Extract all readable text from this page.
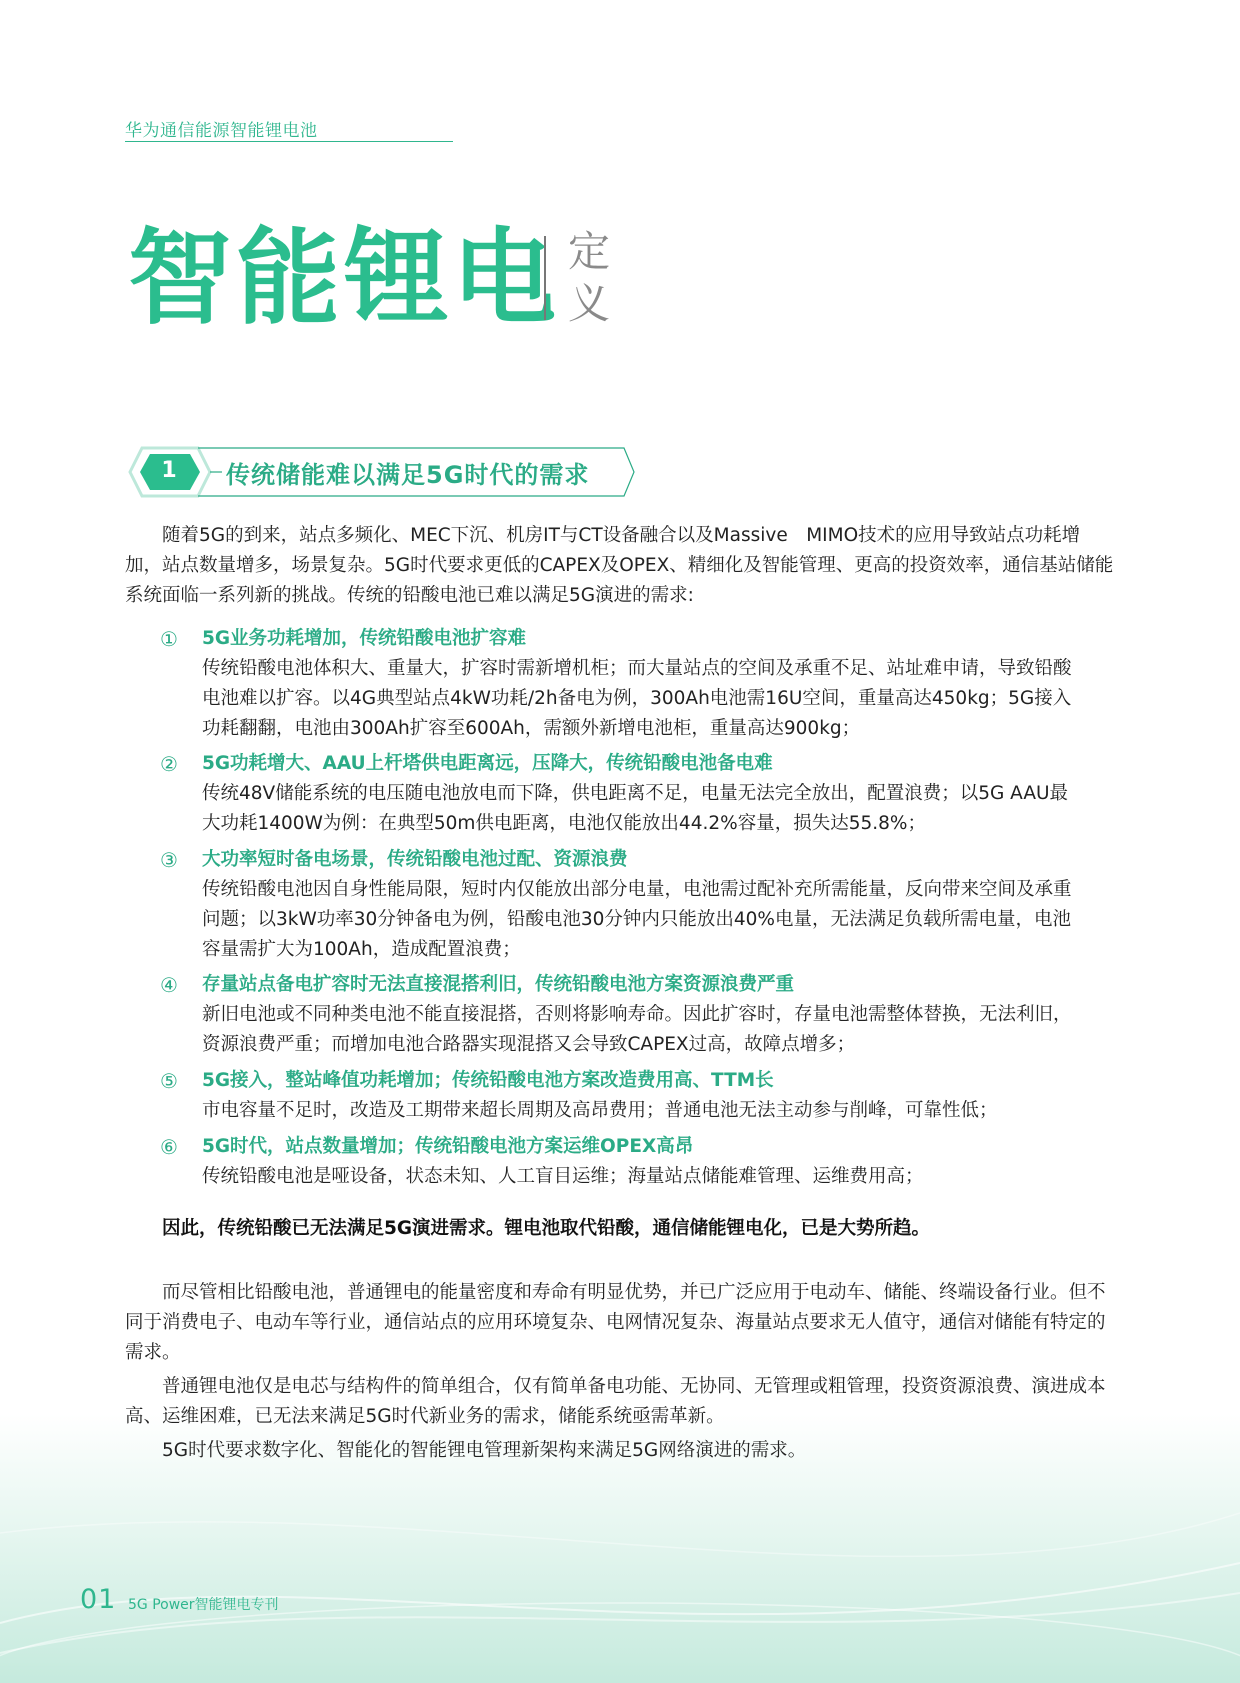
华为通信能源智能锂电池
智能锂电 定
义
1	传统储能难以满足5G时代的需求

随着5G的到来，站点多频化、MEC下沉、机房IT与CT设备融合以及Massive　MIMO技术的应用导致站点功耗增加，站点数量增多，场景复杂。5G时代要求更低的CAPEX及OPEX、精细化及智能管理、更高的投资效率，通信基站储能系统面临一系列新的挑战。传统的铅酸电池已难以满足5G演进的需求:

① 5G业务功耗增加，传统铅酸电池扩容难

传统铅酸电池体积大、重量大，扩容时需新增机柜；而大量站点的空间及承重不足、站址难申请，导致铅酸电池难以扩容。以4G典型站点4kW功耗/2h备电为例，300Ah电池需16U空间，重量高达450kg；5G接入功耗翻翻，电池由300Ah扩容至600Ah，需额外新增电池柜，重量高达900kg；

② 5G功耗增大、AAU上杆塔供电距离远，压降大，传统铅酸电池备电难

传统48V储能系统的电压随电池放电而下降，供电距离不足，电量无法完全放出，配置浪费；以5G AAU最大功耗1400W为例：在典型50m供电距离，电池仅能放出44.2%容量，损失达55.8%；

③ 大功率短时备电场景，传统铅酸电池过配、资源浪费

传统铅酸电池因自身性能局限，短时内仅能放出部分电量，电池需过配补充所需能量，反向带来空间及承重问题；以3kW功率30分钟备电为例，铅酸电池30分钟内只能放出40%电量，无法满足负载所需电量，电池容量需扩大为100Ah，造成配置浪费；

④ 存量站点备电扩容时无法直接混搭利旧，传统铅酸电池方案资源浪费严重

新旧电池或不同种类电池不能直接混搭，否则将影响寿命。因此扩容时，存量电池需整体替换，无法利旧，资源浪费严重；而增加电池合路器实现混搭又会导致CAPEX过高，故障点增多；

⑤ 5G接入，整站峰值功耗增加；传统铅酸电池方案改造费用高、TTM长

市电容量不足时，改造及工期带来超长周期及高昂费用；普通电池无法主动参与削峰，可靠性低；

⑥ 5G时代，站点数量增加；传统铅酸电池方案运维OPEX高昂

传统铅酸电池是哑设备，状态未知、人工盲目运维；海量站点储能难管理、运维费用高；

因此，传统铅酸已无法满足5G演进需求。锂电池取代铅酸，通信储能锂电化，已是大势所趋。

而尽管相比铅酸电池，普通锂电的能量密度和寿命有明显优势，并已广泛应用于电动车、储能、终端设备行业。但不同于消费电子、电动车等行业，通信站点的应用环境复杂、电网情况复杂、海量站点要求无人值守，通信对储能有特定的需求。

普通锂电池仅是电芯与结构件的简单组合，仅有简单备电功能、无协同、无管理或粗管理，投资资源浪费、演进成本高、运维困难，已无法来满足5G时代新业务的需求，储能系统亟需革新。

5G时代要求数字化、智能化的智能锂电管理新架构来满足5G网络演进的需求。

01 5G Power智能锂电专刊
